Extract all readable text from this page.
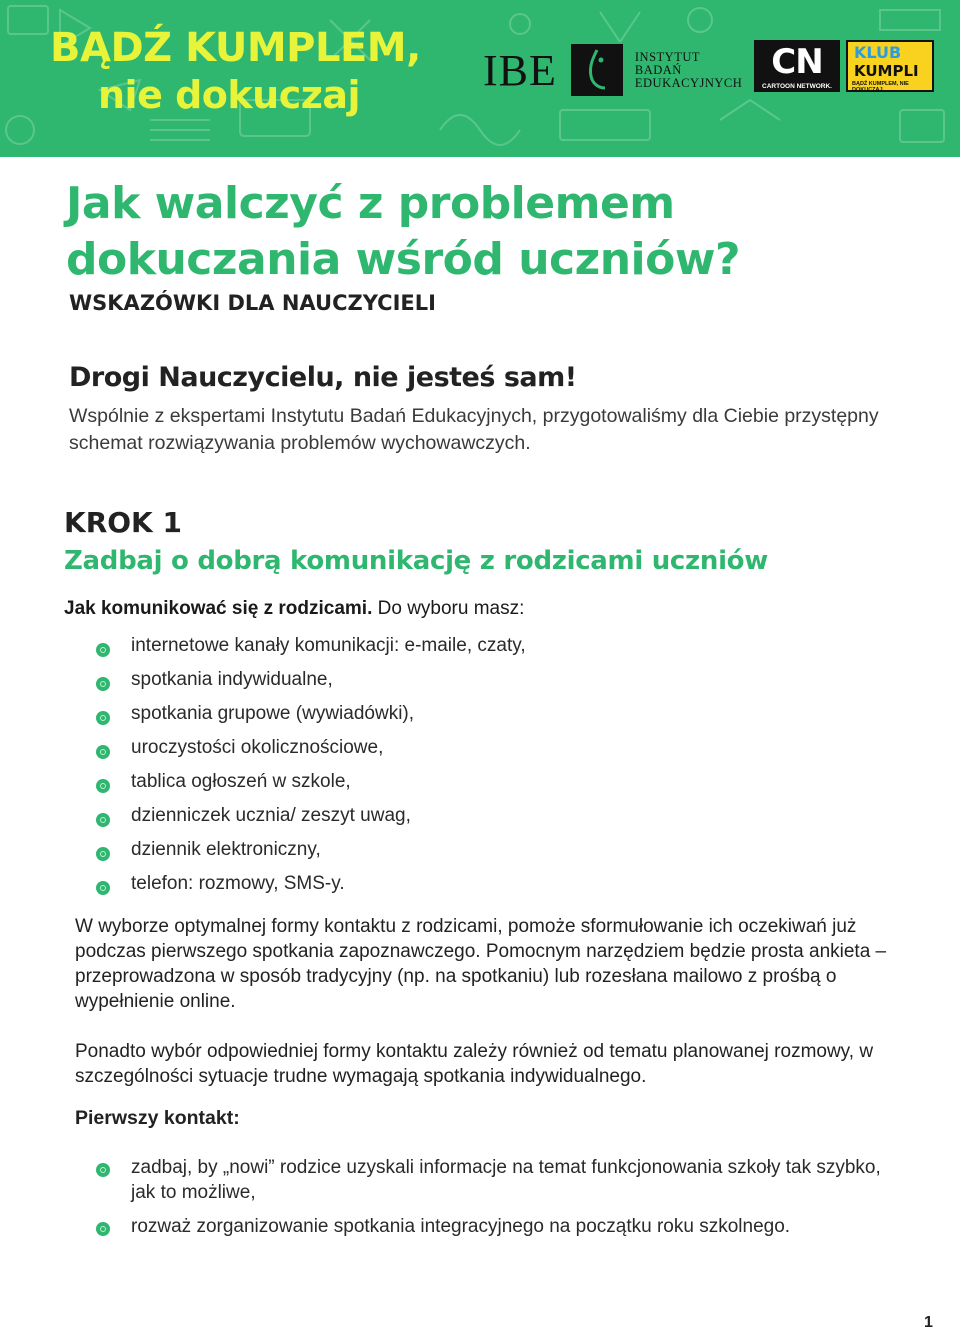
BĄDŹ KUMPLEM,
nie dokuczaj
IBE	INSTYTUT
BADAŃ
EDUKACYJNYCH
CN
CARTOON NETWORK.
KLUB
KUMPLI
BĄDŹ KUMPLEM, NIE DOKUCZAJ
Jak walczyć z problemem
dokuczania wśród uczniów?
WSKAZÓWKI DLA NAUCZYCIELI
Drogi Nauczycielu, nie jesteś sam!
Wspólnie z ekspertami Instytutu Badań Edukacyjnych, przygotowaliśmy dla Ciebie przystępny schemat rozwiązywania problemów wychowawczych.
KROK 1
Zadbaj o dobrą komunikację z rodzicami uczniów
Jak komunikować się z rodzicami. Do wyboru masz:
internetowe kanały komunikacji: e-maile, czaty,
spotkania indywidualne,
spotkania grupowe (wywiadówki),
uroczystości okolicznościowe,
tablica ogłoszeń w szkole,
dzienniczek ucznia/ zeszyt uwag,
dziennik elektroniczny,
telefon: rozmowy, SMS-y.
W wyborze optymalnej formy kontaktu z rodzicami, pomoże sformułowanie ich oczekiwań już podczas pierwszego spotkania zapoznawczego. Pomocnym narzędziem będzie prosta ankieta – przeprowadzona w sposób tradycyjny (np. na spotkaniu) lub rozesłana mailowo z prośbą o wypełnienie online.
Ponadto wybór odpowiedniej formy kontaktu zależy również od tematu planowanej rozmowy, w szczególności sytuacje trudne wymagają spotkania indywidualnego.
Pierwszy kontakt:
zadbaj, by „nowi” rodzice uzyskali informacje na temat funkcjonowania szkoły tak szybko, jak to możliwe,
rozważ zorganizowanie spotkania integracyjnego na początku roku szkolnego.
1
